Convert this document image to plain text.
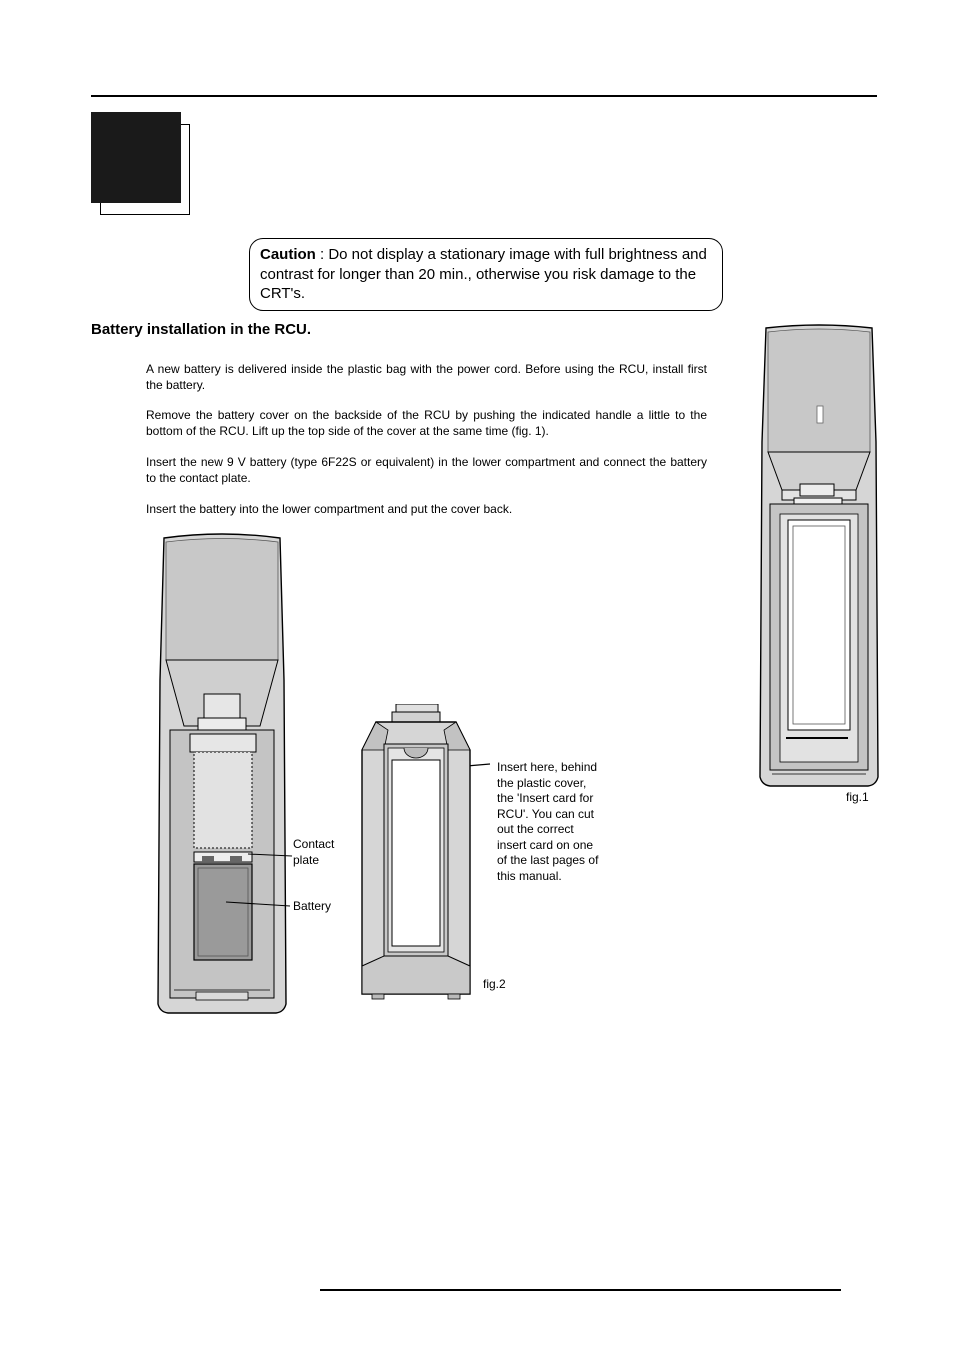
Caution : Do not display a stationary image with full brightness and contrast for longer than 20 min., otherwise you risk damage to the CRT's.
Battery installation in the RCU.

A new battery is delivered inside the plastic bag with the power cord. Before using the RCU, install first the battery.

Remove the battery cover on the backside of the RCU by pushing the indicated handle a little to the bottom of the RCU. Lift up the top side of the cover at the same time (fig. 1).

Insert the new 9 V battery (type 6F22S or equivalent) in the lower compartment and connect the battery to the contact plate.

Insert the battery into the lower compartment and put the cover back.

fig.1
Contact plate
Battery
Insert here, behind the plastic cover, the 'Insert card for RCU'. You can cut out the correct insert card on one of the last pages of this manual.
fig.2
